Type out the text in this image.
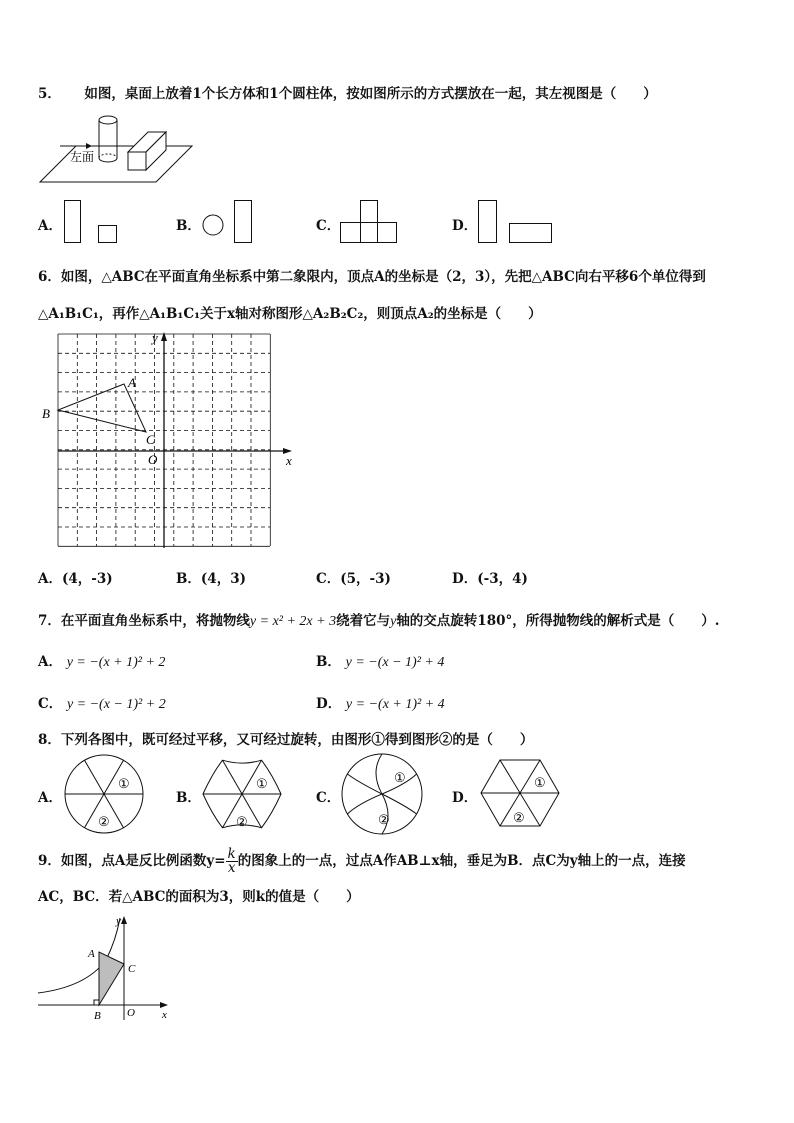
5． 如图，桌面上放着1个长方体和1个圆柱体，按如图所示的方式摆放在一起，其左视图是（　　）
左面
A．	B．	C．	D．
6．如图，△ABC在平面直角坐标系中第二象限内，顶点A的坐标是（2，3），先把△ABC向右平移6个单位得到
△A₁B₁C₁，再作△A₁B₁C₁关于x轴对称图形△A₂B₂C₂，则顶点A₂的坐标是（　　）
y
x
O
A
B
C
A．(4，-3)	B．(4，3)	C．(5，-3)	D．(-3，4)
7．在平面直角坐标系中，将抛物线y = x² + 2x + 3绕着它与y轴的交点旋转180°，所得抛物线的解析式是（　　）.
A． y = −(x + 1)² + 2	B． y = −(x − 1)² + 4
C． y = −(x − 1)² + 2	D． y = −(x + 1)² + 4
8．下列各图中，既可经过平移，又可经过旋转，由图形①得到图形②的是（　　）
A．
①
②
B．
①
②
C．
①
②
D．
①
②
9．如图，点A是反比例函数$y= \frac{k}{x}$ 的图象上的一点，过点A作AB⊥x轴，垂足为B．点C为y轴上的一点，连接
AC，BC．若△ABC的面积为3，则k的值是（　　）
y
x
O
A
B
C
